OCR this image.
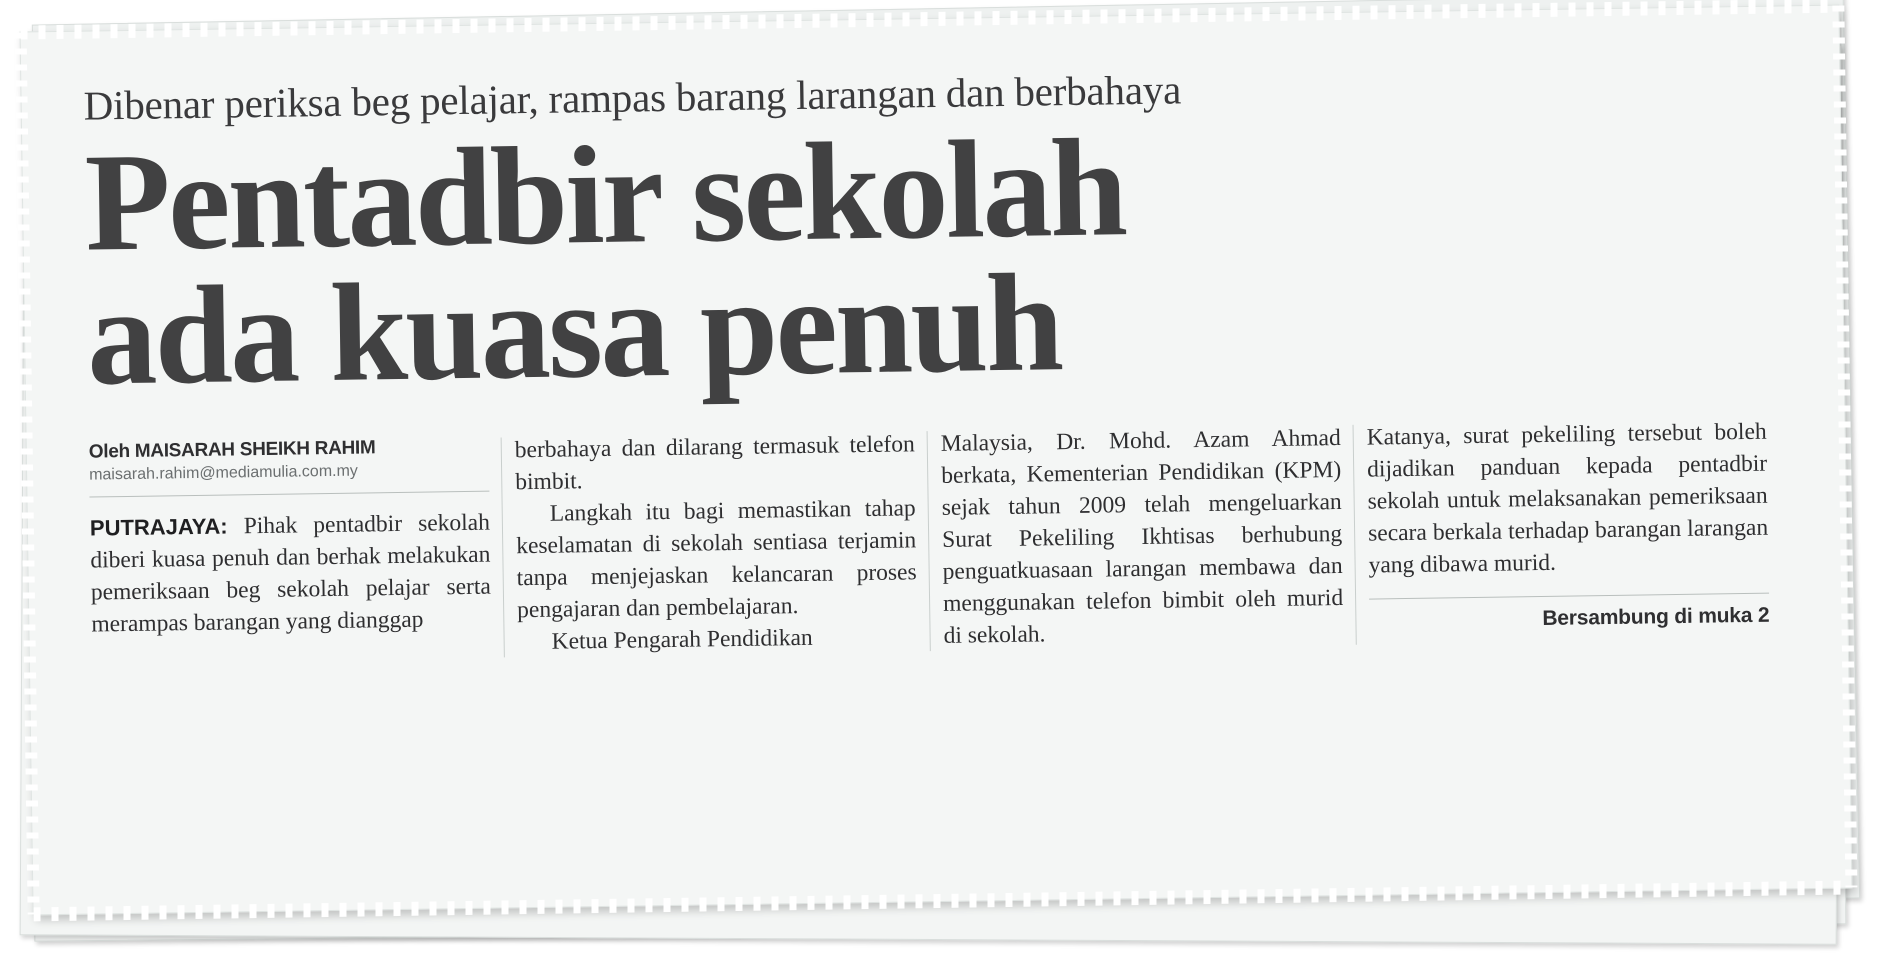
Dibenar periksa beg pelajar, rampas barang larangan dan berbahaya

Pentadbir sekolah
ada kuasa penuh

Oleh MAISARAH SHEIKH RAHIM

maisarah.rahim@mediamulia.com.my

PUTRAJAYA: Pihak pentadbir sekolah diberi kuasa penuh dan berhak melakukan pemeriksaan beg sekolah pelajar serta merampas barangan yang dianggap

berbahaya dan dilarang termasuk telefon bimbit.

Langkah itu bagi memastikan tahap keselamatan di sekolah sentiasa terjamin tanpa menjejaskan kelancaran proses pengajaran dan pembelajaran.

Ketua Pengarah Pendidikan

Malaysia, Dr. Mohd. Azam Ahmad berkata, Kementerian Pendidikan (KPM) sejak tahun 2009 telah mengeluarkan Surat Pekeliling Ikhtisas berhubung penguatkuasaan larangan membawa dan menggunakan telefon bimbit oleh murid di sekolah.

Katanya, surat pekeliling tersebut boleh dijadikan panduan kepada pentadbir sekolah untuk melaksanakan pemeriksaan secara berkala terhadap barangan larangan yang dibawa murid.

Bersambung di muka 2
